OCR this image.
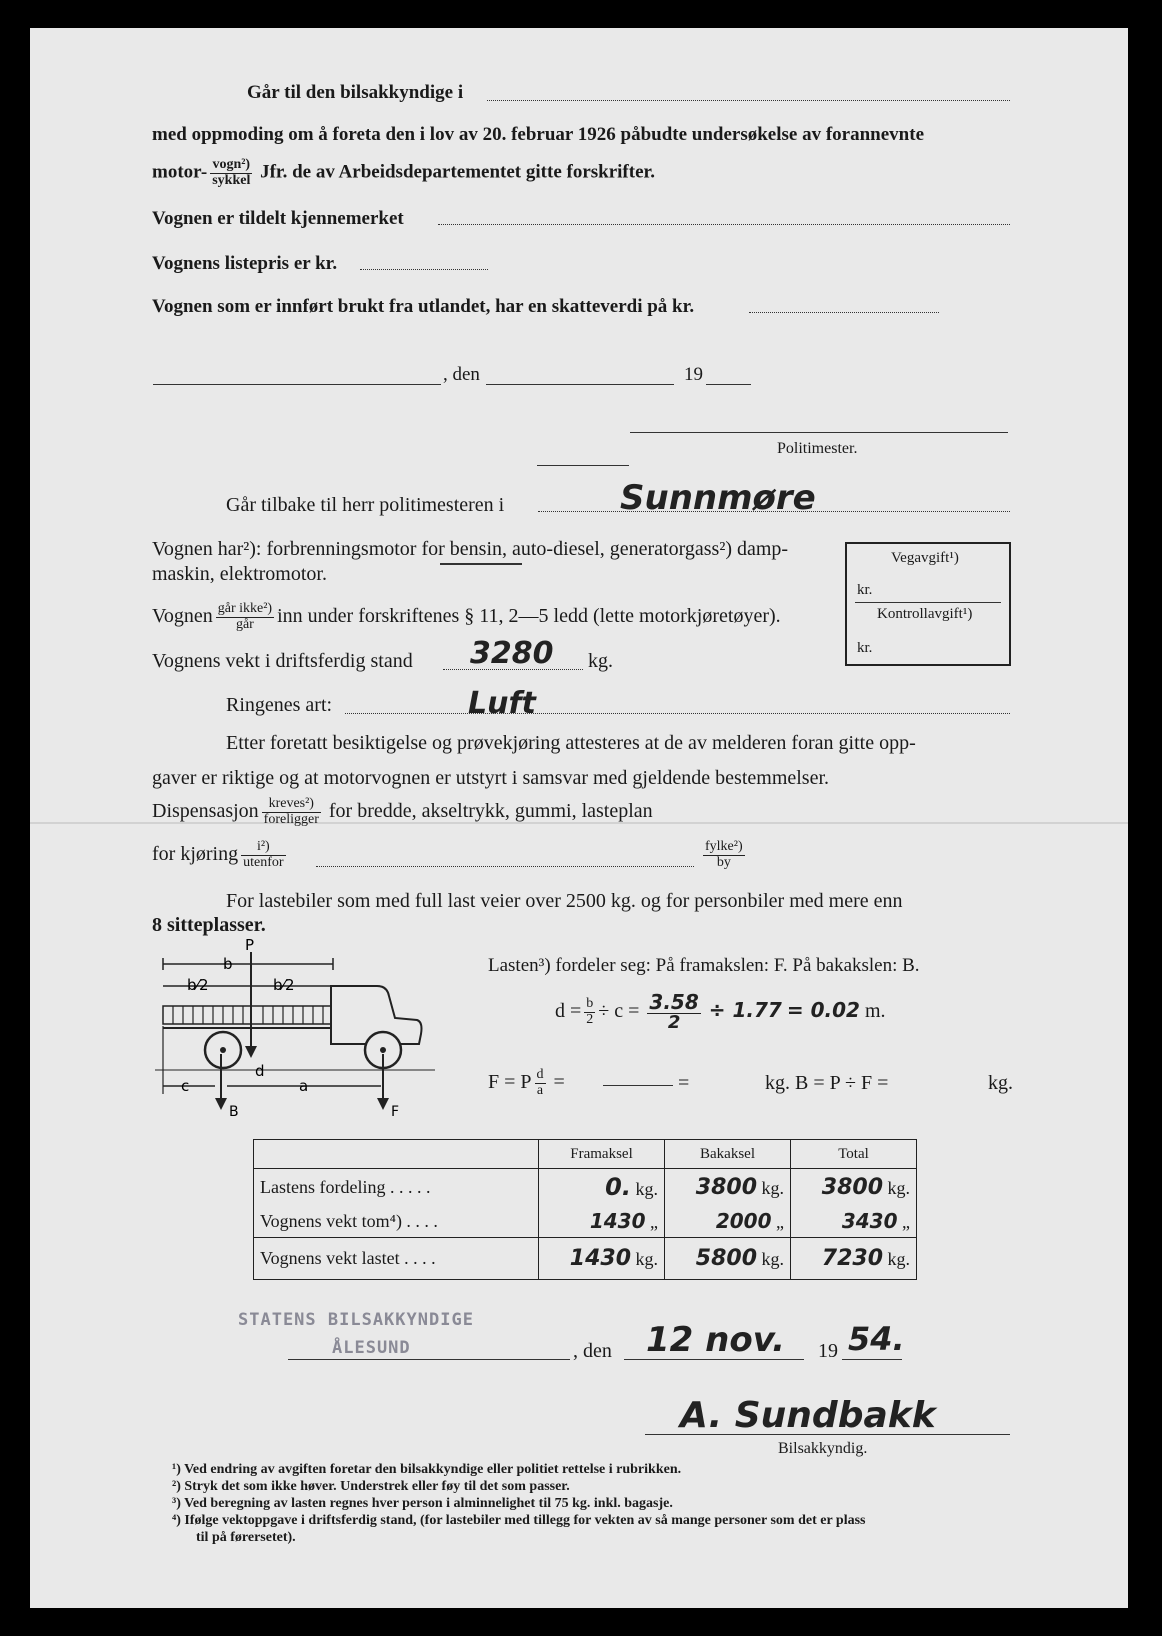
Går til den bilsakkyndige i
med oppmoding om å foreta den i lov av 20. februar 1926 påbudte undersøkelse av forannevnte
motor- $\frac{\text{vogn²)}}{\text{sykkel}}$ Jfr. de av Arbeidsdepartementet gitte forskrifter.
Vognen er tildelt kjennemerket
Vognens listepris er kr.
Vognen som er innført brukt fra utlandet, har en skatteverdi på kr.
, den	19
Politimester.
Går tilbake til herr politimesteren i	Sunnmøre
Vognen har²): forbrenningsmotor for bensin, auto-diesel, generatorgass²) damp-
maskin, elektromotor.
Vegavgift¹)
kr.
Kontrollavgift¹)
kr.
Vognen $\frac{\text{går ikke²)}}{\text{går}}$ inn under forskriftenes § 11, 2—5 ledd (lette motorkjøretøyer).
Vognens vekt i driftsferdig stand 3280 kg.
Ringenes art:	Luft
Etter foretatt besiktigelse og prøvekjøring attesteres at de av melderen foran gitte opp-
gaver er riktige og at motorvognen er utstyrt i samsvar med gjeldende bestemmelser.
Dispensasjon $\frac{\text{kreves²)}}{\text{foreligger}}$ for bredde, akseltrykk, gummi, lasteplan
for kjøring $\frac{\text{i²)}}{\text{utenfor}}$	$\frac{\text{fylke²)}}{by}$
For lastebiler som med full last veier over 2500 kg. og for personbiler med mere enn
8 sitteplasser.
P
b
b⁄2	b⁄2
c	a
d
B	F
Lasten³) fordeler seg: På framakslen: F. På bakakslen: B.
$d = \frac{b}{2} \div c = \frac{3.58}{2} \div 1.77 = 0.02$ m.
F = P $\frac{d}{a}$ =	=	kg. B = P ÷ F =	kg.
	Framaksel	Bakaksel	Total
Lastens fordeling . . . . .	0. kg.	3800 kg.	3800 kg.
Vognens vekt tom⁴) . . . .	1430 „	2000 „	3430 „
Vognens vekt lastet . . . .	1430 kg.	5800 kg.	7230 kg.
STATENS BILSAKKYNDIGE
ÅLESUND	, den 12 nov. 19 54.
A. Sundbakk
Bilsakkyndig.
¹) Ved endring av avgiften foretar den bilsakkyndige eller politiet rettelse i rubrikken.
²) Stryk det som ikke høver. Understrek eller føy til det som passer.
³) Ved beregning av lasten regnes hver person i alminnelighet til 75 kg. inkl. bagasje.
⁴) Ifølge vektoppgave i driftsferdig stand, (for lastebiler med tillegg for vekten av så mange personer som det er plass
til på førersetet).
